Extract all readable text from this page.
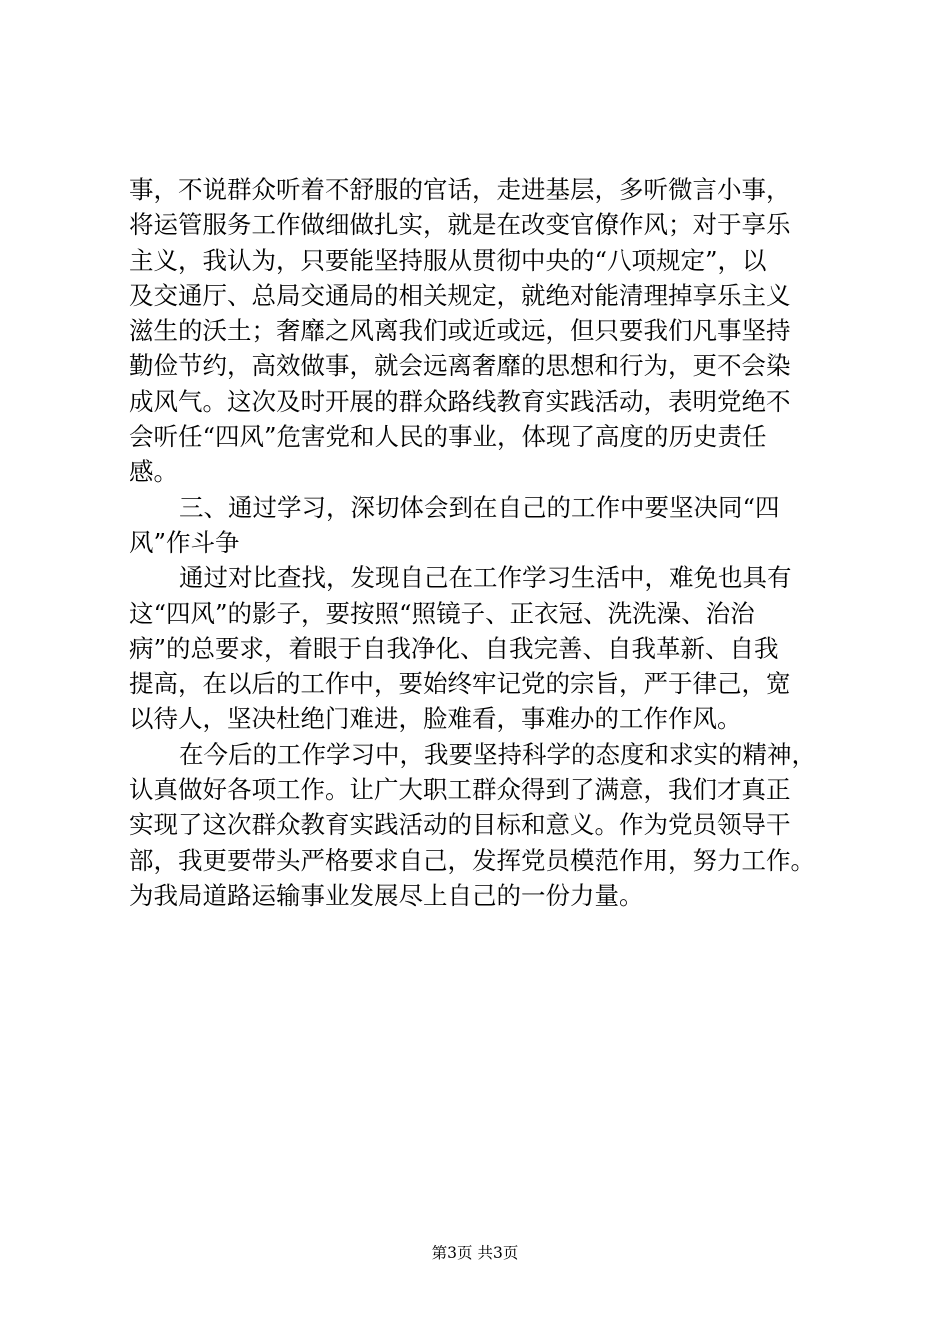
事，不说群众听着不舒服的官话，走进基层，多听微言小事，
将运管服务工作做细做扎实，就是在改变官僚作风；对于享乐
主义，我认为，只要能坚持服从贯彻中央的“八项规定”，以
及交通厅、总局交通局的相关规定，就绝对能清理掉享乐主义
滋生的沃土；奢靡之风离我们或近或远，但只要我们凡事坚持
勤俭节约，高效做事，就会远离奢靡的思想和行为，更不会染
成风气。这次及时开展的群众路线教育实践活动，表明党绝不
会听任“四风”危害党和人民的事业，体现了高度的历史责任
感。
三、通过学习，深切体会到在自己的工作中要坚决同“四
风”作斗争
通过对比查找，发现自己在工作学习生活中，难免也具有
这“四风”的影子，要按照“照镜子、正衣冠、洗洗澡、治治
病”的总要求，着眼于自我净化、自我完善、自我革新、自我
提高，在以后的工作中，要始终牢记党的宗旨，严于律己，宽
以待人，坚决杜绝门难进，脸难看，事难办的工作作风。
在今后的工作学习中，我要坚持科学的态度和求实的精神，
认真做好各项工作。让广大职工群众得到了满意，我们才真正
实现了这次群众教育实践活动的目标和意义。作为党员领导干
部，我更要带头严格要求自己，发挥党员模范作用，努力工作。
为我局道路运输事业发展尽上自己的一份力量。
第3页 共3页
